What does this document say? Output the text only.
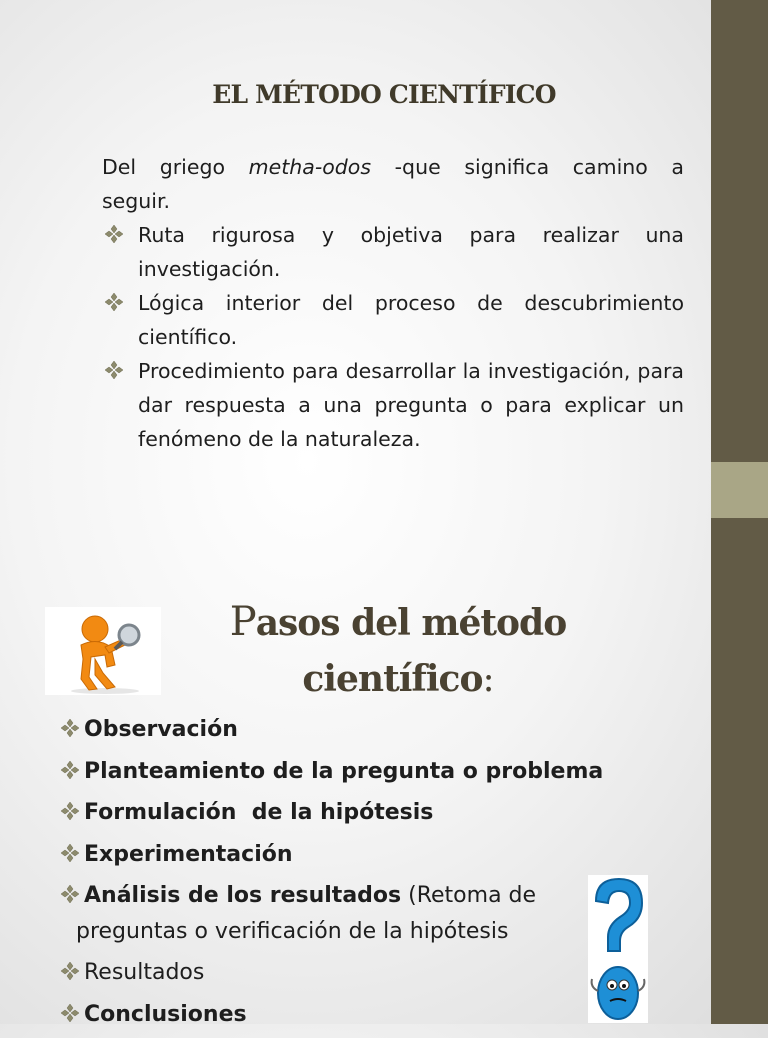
EL MÉTODO CIENTÍFICO

Del griego metha-odos -que significa camino a

seguir.

Ruta rigurosa y objetiva para realizar una investigación.
Lógica interior del proceso de descubrimiento científico.
Procedimiento para desarrollar la investigación, para dar respuesta a una pregunta o para explicar un fenómeno de la naturaleza.
Pasos del método
científico:
Observación
Planteamiento de la pregunta o problema
Formulación  de la hipótesis
Experimentación
Análisis de los resultados (Retoma de
preguntas o verificación de la hipótesis
Resultados
Conclusiones
